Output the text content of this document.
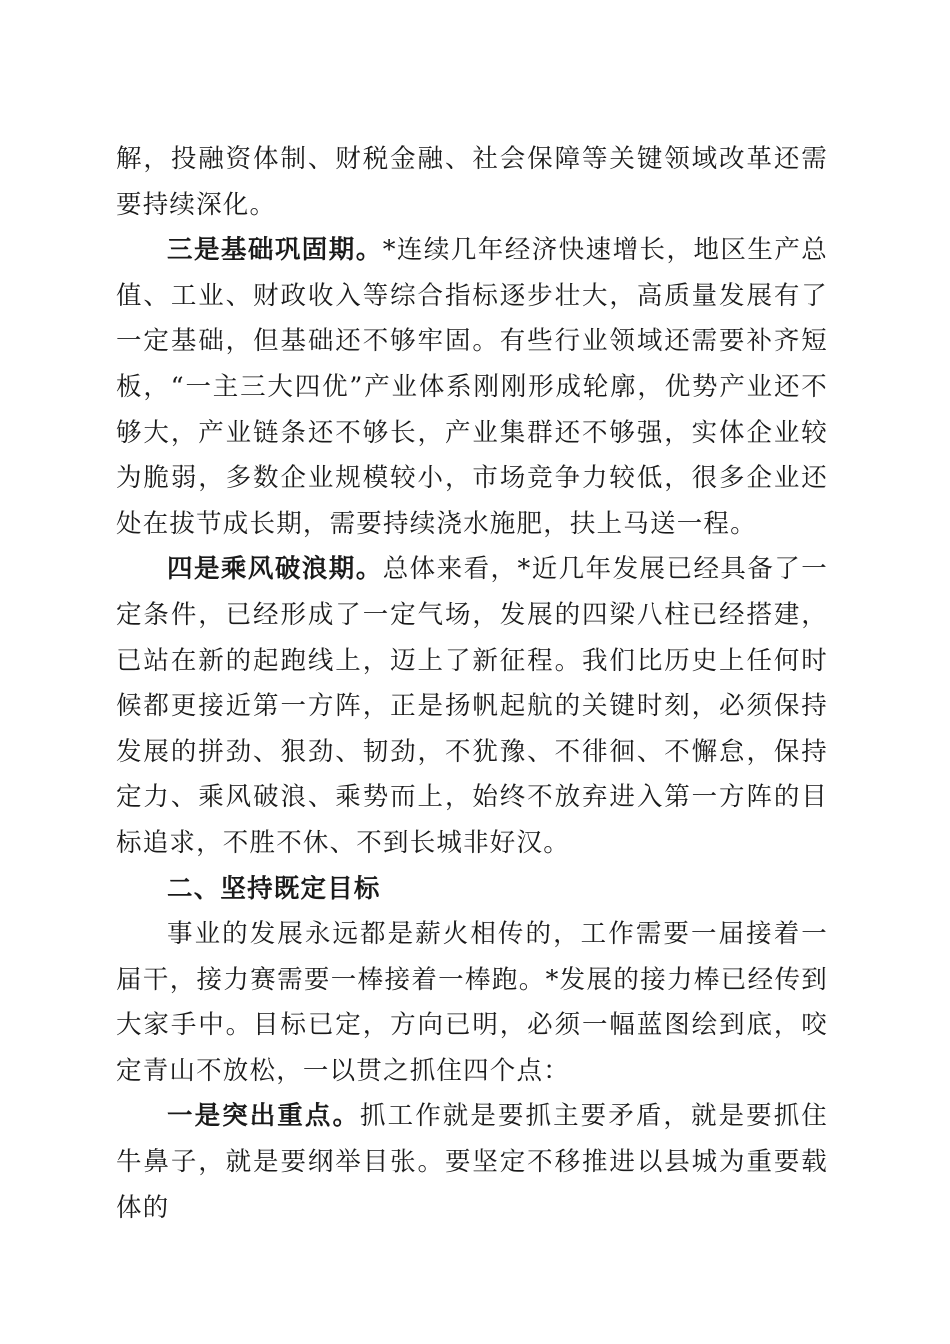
解，投融资体制、财税金融、社会保障等关键领域改革还需要持续深化。

三是基础巩固期。*连续几年经济快速增长，地区生产总值、工业、财政收入等综合指标逐步壮大，高质量发展有了一定基础，但基础还不够牢固。有些行业领域还需要补齐短板，“一主三大四优”产业体系刚刚形成轮廓，优势产业还不够大，产业链条还不够长，产业集群还不够强，实体企业较为脆弱，多数企业规模较小，市场竞争力较低，很多企业还处在拔节成长期，需要持续浇水施肥，扶上马送一程。

四是乘风破浪期。总体来看，*近几年发展已经具备了一定条件，已经形成了一定气场，发展的四梁八柱已经搭建，已站在新的起跑线上，迈上了新征程。我们比历史上任何时候都更接近第一方阵，正是扬帆起航的关键时刻，必须保持发展的拼劲、狠劲、韧劲，不犹豫、不徘徊、不懈怠，保持定力、乘风破浪、乘势而上，始终不放弃进入第一方阵的目标追求，不胜不休、不到长城非好汉。

二、坚持既定目标

事业的发展永远都是薪火相传的，工作需要一届接着一届干，接力赛需要一棒接着一棒跑。*发展的接力棒已经传到大家手中。目标已定，方向已明，必须一幅蓝图绘到底，咬定青山不放松，一以贯之抓住四个点：

一是突出重点。抓工作就是要抓主要矛盾，就是要抓住牛鼻子，就是要纲举目张。要坚定不移推进以县城为重要载体的
